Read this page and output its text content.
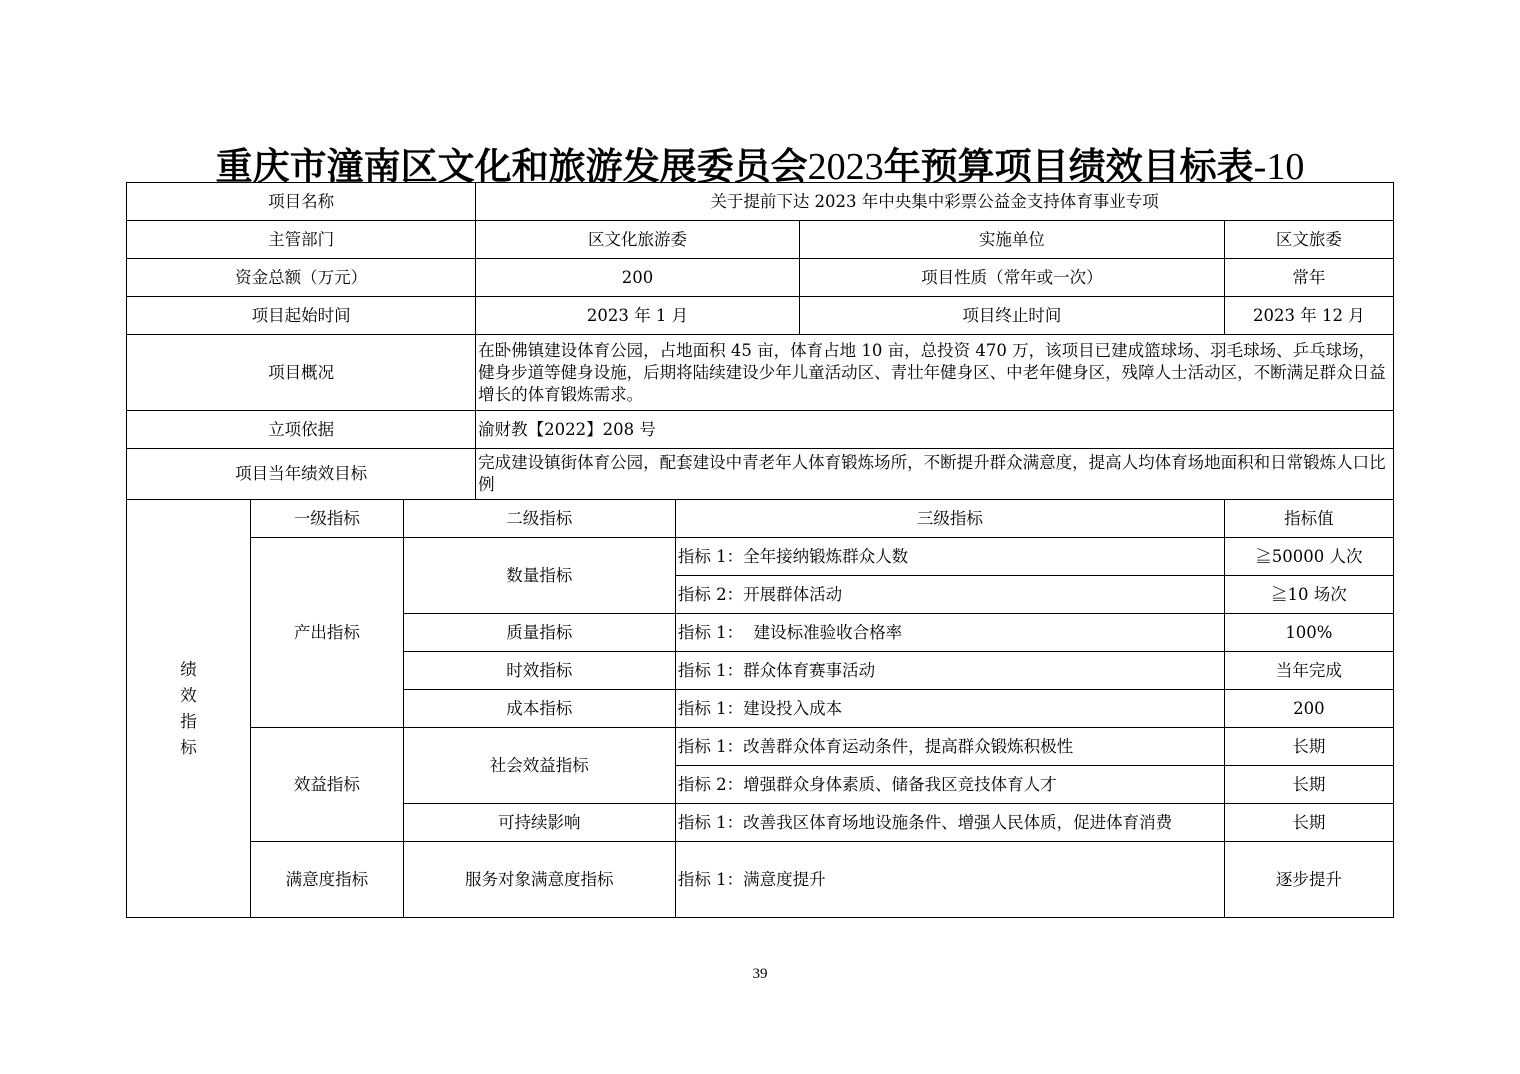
重庆市潼南区文化和旅游发展委员会2023年预算项目绩效目标表-10
项目名称			关于提前下达 2023 年中央集中彩票公益金支持体育事业专项			
主管部门			区文化旅游委		实施单位	区文旅委
资金总额（万元）			200		项目性质（常年或一次）	常年
项目起始时间			2023 年 1 月		项目终止时间	2023 年 12 月
项目概况			在卧佛镇建设体育公园，占地面积 45 亩，体育占地 10 亩，总投资 470 万，该项目已建成篮球场、羽毛球场、乒乓球场，健身步道等健身设施，后期将陆续建设少年儿童活动区、青壮年健身区、中老年健身区，残障人士活动区，不断满足群众日益增长的体育锻炼需求。			
立项依据			渝财教【2022】208 号			
项目当年绩效目标			完成建设镇街体育公园，配套建设中青老年人体育锻炼场所，不断提升群众满意度，提高人均体育场地面积和日常锻炼人口比例			
绩
效
指
标	一级指标	二级指标		三级指标		指标值
	产出指标	数量指标		指标 1：全年接纳锻炼群众人数		≧50000 人次
				指标 2：开展群体活动		≧10 场次
		质量指标		指标 1：  建设标准验收合格率		100%
		时效指标		指标 1：群众体育赛事活动		当年完成
		成本指标		指标 1：建设投入成本		200
	效益指标	社会效益指标		指标 1：改善群众体育运动条件，提高群众锻炼积极性		长期
				指标 2：增强群众身体素质、储备我区竞技体育人才		长期
		可持续影响		指标 1：改善我区体育场地设施条件、增强人民体质，促进体育消费		长期
	满意度指标	服务对象满意度指标		指标 1：满意度提升		逐步提升
39
